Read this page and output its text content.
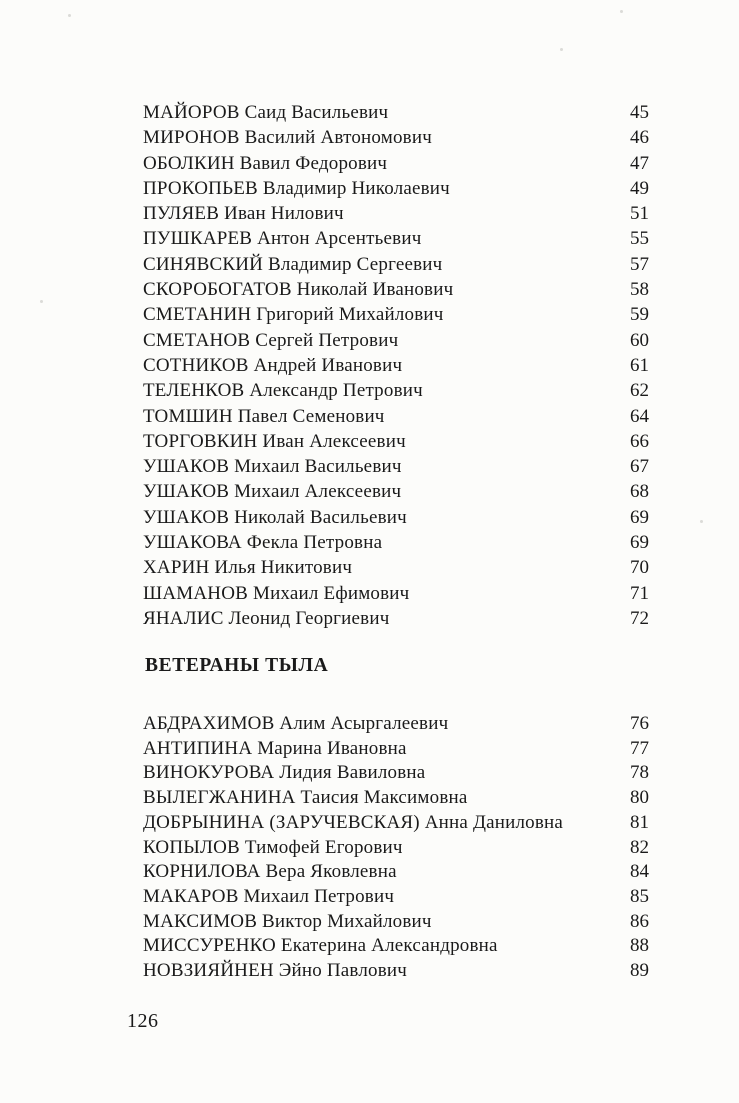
МАЙОРОВ Саид Васильевич	45
МИРОНОВ Василий Автономович	46
ОБОЛКИН Вавил Федорович	47
ПРОКОПЬЕВ Владимир Николаевич	49
ПУЛЯЕВ Иван Нилович	51
ПУШКАРЕВ Антон Арсентьевич	55
СИНЯВСКИЙ Владимир Сергеевич	57
СКОРОБОГАТОВ Николай Иванович	58
СМЕТАНИН Григорий Михайлович	59
СМЕТАНОВ Сергей Петрович	60
СОТНИКОВ Андрей Иванович	61
ТЕЛЕНКОВ Александр Петрович	62
ТОМШИН Павел Семенович	64
ТОРГОВКИН Иван Алексеевич	66
УШАКОВ Михаил Васильевич	67
УШАКОВ Михаил Алексеевич	68
УШАКОВ Николай Васильевич	69
УШАКОВА Фекла Петровна	69
ХАРИН Илья Никитович	70
ШАМАНОВ Михаил Ефимович	71
ЯНАЛИС Леонид Георгиевич	72
ВЕТЕРАНЫ ТЫЛА
АБДРАХИМОВ Алим Асыргалеевич	76
АНТИПИНА Марина Ивановна	77
ВИНОКУРОВА Лидия Вавиловна	78
ВЫЛЕГЖАНИНА Таисия Максимовна	80
ДОБРЫНИНА (ЗАРУЧЕВСКАЯ) Анна Даниловна	81
КОПЫЛОВ Тимофей Егорович	82
КОРНИЛОВА Вера Яковлевна	84
МАКАРОВ Михаил Петрович	85
МАКСИМОВ Виктор Михайлович	86
МИССУРЕНКО Екатерина Александровна	88
НОВЗИЯЙНЕН Эйно Павлович	89
126
